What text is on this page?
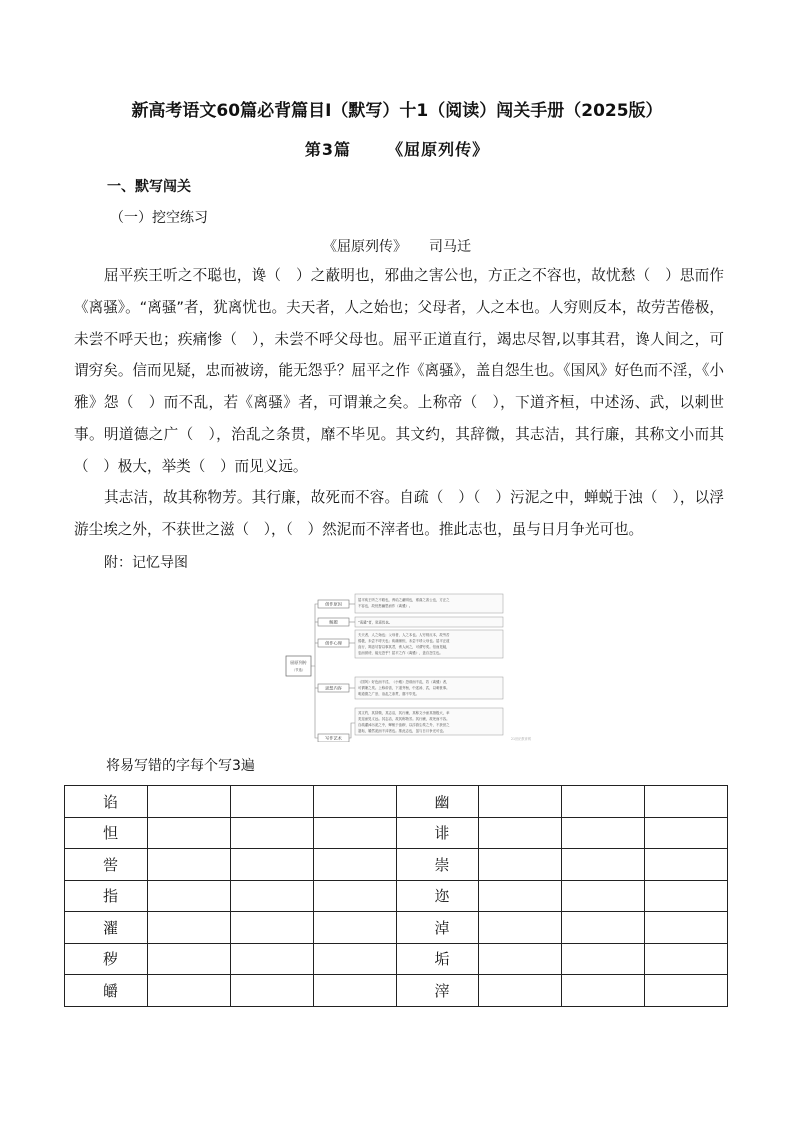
新高考语文60篇必背篇目Ⅰ（默写）十1（阅读）闯关手册（2025版）
第3篇 《屈原列传》
一、默写闯关
（一）挖空练习
《屈原列传》 司马迁

屈平疾王听之不聪也，谗（　）之蔽明也，邪曲之害公也，方正之不容也，故忧愁（　）思而作《离骚》。“离骚”者，犹离忧也。夫天者，人之始也；父母者，人之本也。人穷则反本，故劳苦倦极，未尝不呼天也；疾痛惨（　），未尝不呼父母也。屈平正道直行，竭忠尽智,以事其君，谗人间之，可谓穷矣。信而见疑，忠而被谤，能无怨乎？屈平之作《离骚》，盖自怨生也。《国风》好色而不淫，《小雅》怨（　）而不乱，若《离骚》者，可谓兼之矣。上称帝（　），下道齐桓，中述汤、武，以刺世事。明道德之广（　），治乱之条贯，靡不毕见。其文约，其辞微，其志洁，其行廉，其称文小而其（　）极大，举类（　）而见义远。

其志洁，故其称物芳。其行廉，故死而不容。自疏（　）（　）污泥之中，蝉蜕于浊（　），以浮游尘埃之外，不获世之滋（　），（　）然泥而不滓者也。推此志也，虽与日月争光可也。

附：记忆导图
屈原列传
（节选）
创作原因
解题
创作心理
思想内容
写作艺术
屈平疾王听之不聪也，谗谄之蔽明也，邪曲之害公也，方正之
不容也，故忧愁幽思而作《离骚》。
“离骚”者，犹离忧也。
夫天者，人之始也；父母者，人之本也。人穷则反本，故劳苦
倦极，未尝不呼天也；疾痛惨怛，未尝不呼父母也。屈平正道
直行，竭忠尽智以事其君，谗人间之，可谓穷矣。信而见疑，
忠而被谤，能无怨乎？屈平之作《离骚》，盖自怨生也。
《国风》好色而不淫，《小雅》怨诽而不乱，若《离骚》者，
可谓兼之矣。上称帝喾，下道齐桓，中述汤、武，以刺世事。
明道德之广崇，治乱之条贯，靡不毕见。
其文约，其辞微，其志洁，其行廉，其称文小而其指极大，举
类迩而见义远。其志洁，故其称物芳。其行廉，故死而不容。
自疏濯淖污泥之中，蝉蜕于浊秽，以浮游尘埃之外，不获世之
滋垢，皭然泥而不滓者也。推此志也，虽与日月争光可也。
21世纪教育网
将易写错的字每个写3遍
谄				幽			
怛				诽			
喾				崇			
指				迩			
濯				淖			
秽				垢			
皭				滓			
